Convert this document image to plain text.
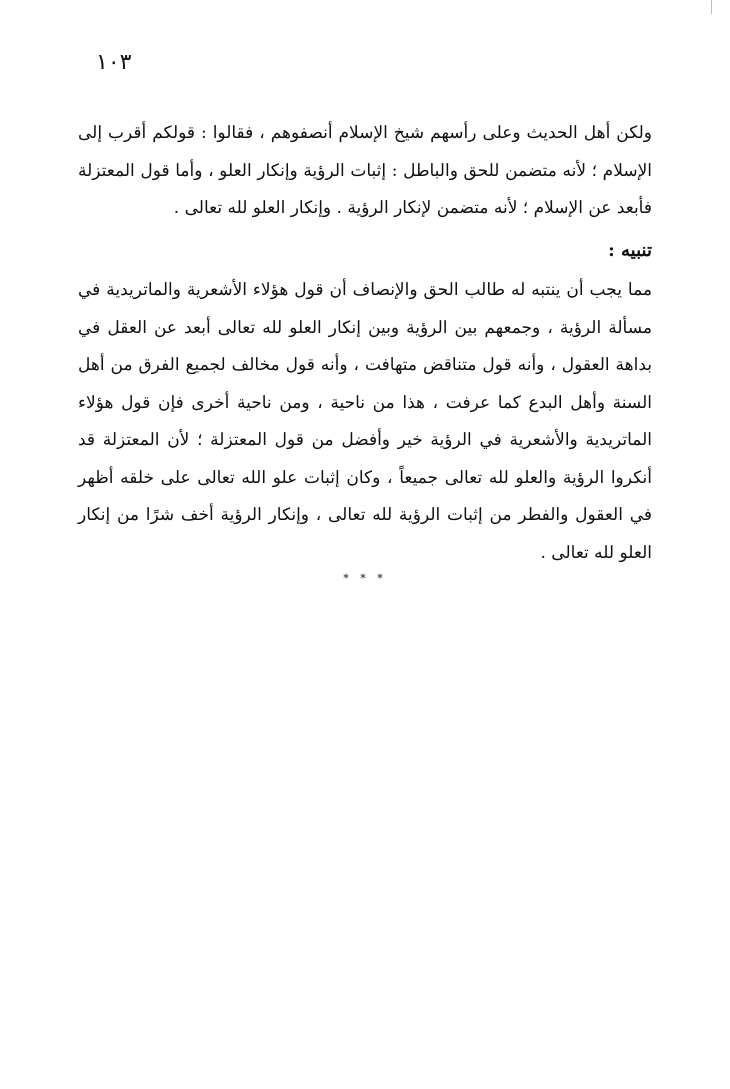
١٠٣
ولكن أهل الحديث وعلى رأسهم شيخ الإسلام أنصفوهم ، فقالوا : قولكم أقرب إلى الإسلام ؛ لأنه متضمن للحق والباطل : إثبات الرؤية وإنكار العلو ، وأما قول المعتزلة فأبعد عن الإسلام ؛ لأنه متضمن لإنكار الرؤية . وإنكار العلو لله تعالى .
تنبيه :
مما يجب أن ينتبه له طالب الحق والإنصاف أن قول هؤلاء الأشعرية والماتريدية في مسألة الرؤية ، وجمعهم بين الرؤية وبين إنكار العلو لله تعالى أبعد عن العقل في بداهة العقول ، وأنه قول متناقض متهافت ، وأنه قول مخالف لجميع الفرق من أهل السنة وأهل البدع كما عرفت ، هذا من ناحية ، ومن ناحية أخرى فإن قول هؤلاء الماتريدية والأشعرية في الرؤية خير وأفضل من قول المعتزلة ؛ لأن المعتزلة قد أنكروا الرؤية والعلو لله تعالى جميعاً ، وكان إثبات علو الله تعالى على خلقه أظهر في العقول والفطر من إثبات الرؤية لله تعالى ، وإنكار الرؤية أخف شرًا من إنكار العلو لله تعالى .
* * *
